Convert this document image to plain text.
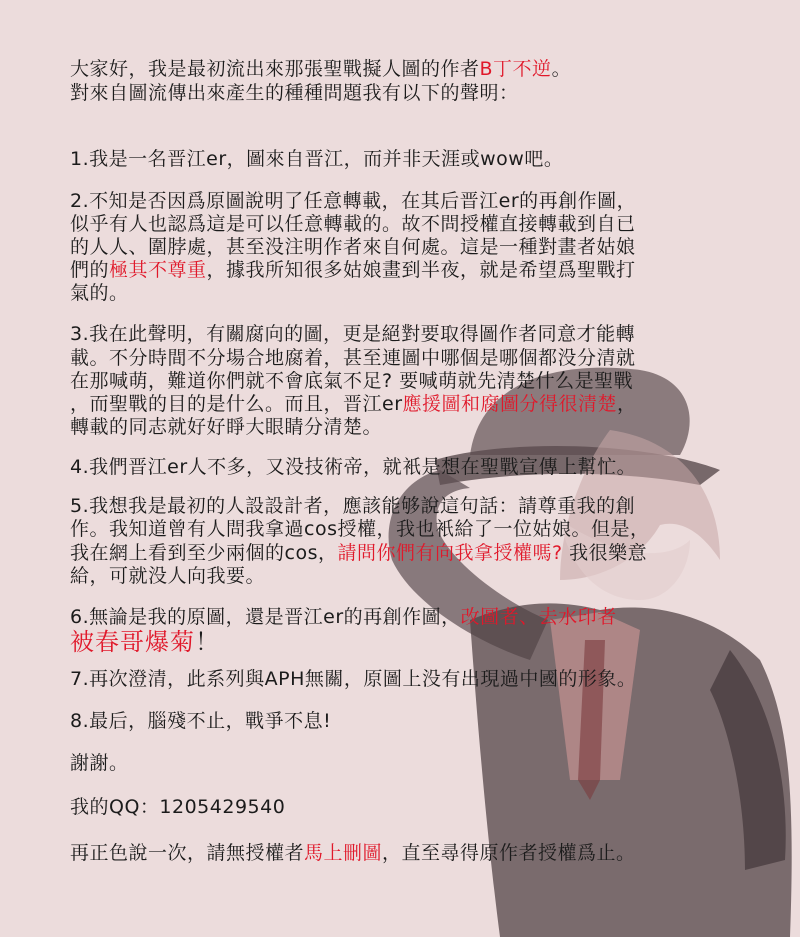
大家好，我是最初流出來那張聖戰擬人圖的作者B丁不逆。
對來自圖流傳出來產生的種種問題我有以下的聲明：
1.我是一名晋江er，圖來自晋江，而并非天涯或wow吧。
2.不知是否因爲原圖說明了任意轉載，在其后晋江er的再創作圖，
似乎有人也認爲這是可以任意轉載的。故不問授權直接轉載到自已
的人人、圍脖處，甚至没注明作者來自何處。這是一種對畫者姑娘
們的極其不尊重，據我所知很多姑娘畫到半夜，就是希望爲聖戰打
氣的。
3.我在此聲明，有關腐向的圖，更是絕對要取得圖作者同意才能轉
載。不分時間不分場合地腐着，甚至連圖中哪個是哪個都没分清就
在那喊萌，難道你們就不會底氣不足? 要喊萌就先清楚什么是聖戰
，而聖戰的目的是什么。而且，晋江er應援圖和腐圖分得很清楚，
轉載的同志就好好睜大眼睛分清楚。
4.我們晋江er人不多，又没技術帝，就衹是想在聖戰宣傳上幫忙。
5.我想我是最初的人設設計者，應該能够說這句話：請尊重我的創
作。我知道曾有人問我拿過cos授權，我也衹給了一位姑娘。但是，
我在網上看到至少兩個的cos，請問你們有向我拿授權嗎? 我很樂意
給，可就没人向我要。
6.無論是我的原圖，還是晋江er的再創作圖，改圖者、去水印者
被春哥爆菊！
7.再次澄清，此系列與APH無關，原圖上没有出現過中國的形象。
8.最后，腦殘不止，戰爭不息!
謝謝。
我的QQ：1205429540
再正色說一次，請無授權者馬上刪圖，直至尋得原作者授權爲止。
